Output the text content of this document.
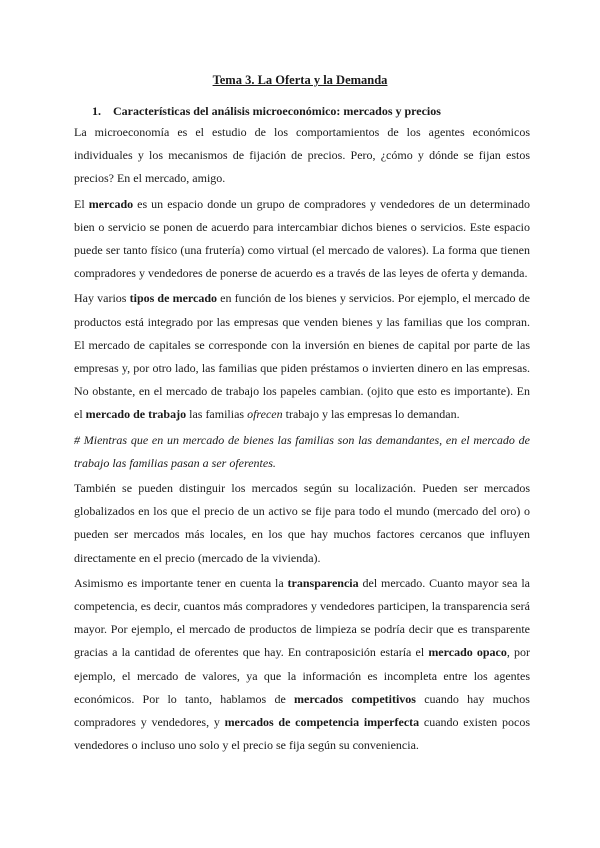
Tema 3. La Oferta y la Demanda
1. Características del análisis microeconómico: mercados y precios

La microeconomía es el estudio de los comportamientos de los agentes económicos individuales y los mecanismos de fijación de precios. Pero, ¿cómo y dónde se fijan estos precios? En el mercado, amigo.

El mercado es un espacio donde un grupo de compradores y vendedores de un determinado bien o servicio se ponen de acuerdo para intercambiar dichos bienes o servicios. Este espacio puede ser tanto físico (una frutería) como virtual (el mercado de valores). La forma que tienen compradores y vendedores de ponerse de acuerdo es a través de las leyes de oferta y demanda.

Hay varios tipos de mercado en función de los bienes y servicios. Por ejemplo, el mercado de productos está integrado por las empresas que venden bienes y las familias que los compran. El mercado de capitales se corresponde con la inversión en bienes de capital por parte de las empresas y, por otro lado, las familias que piden préstamos o invierten dinero en las empresas. No obstante, en el mercado de trabajo los papeles cambian. (ojito que esto es importante). En el mercado de trabajo las familias ofrecen trabajo y las empresas lo demandan.

# Mientras que en un mercado de bienes las familias son las demandantes, en el mercado de trabajo las familias pasan a ser oferentes.

También se pueden distinguir los mercados según su localización. Pueden ser mercados globalizados en los que el precio de un activo se fije para todo el mundo (mercado del oro) o pueden ser mercados más locales, en los que hay muchos factores cercanos que influyen directamente en el precio (mercado de la vivienda).

Asimismo es importante tener en cuenta la transparencia del mercado. Cuanto mayor sea la competencia, es decir, cuantos más compradores y vendedores participen, la transparencia será mayor. Por ejemplo, el mercado de productos de limpieza se podría decir que es transparente gracias a la cantidad de oferentes que hay. En contraposición estaría el mercado opaco, por ejemplo, el mercado de valores, ya que la información es incompleta entre los agentes económicos. Por lo tanto, hablamos de mercados competitivos cuando hay muchos compradores y vendedores, y mercados de competencia imperfecta cuando existen pocos vendedores o incluso uno solo y el precio se fija según su conveniencia.
